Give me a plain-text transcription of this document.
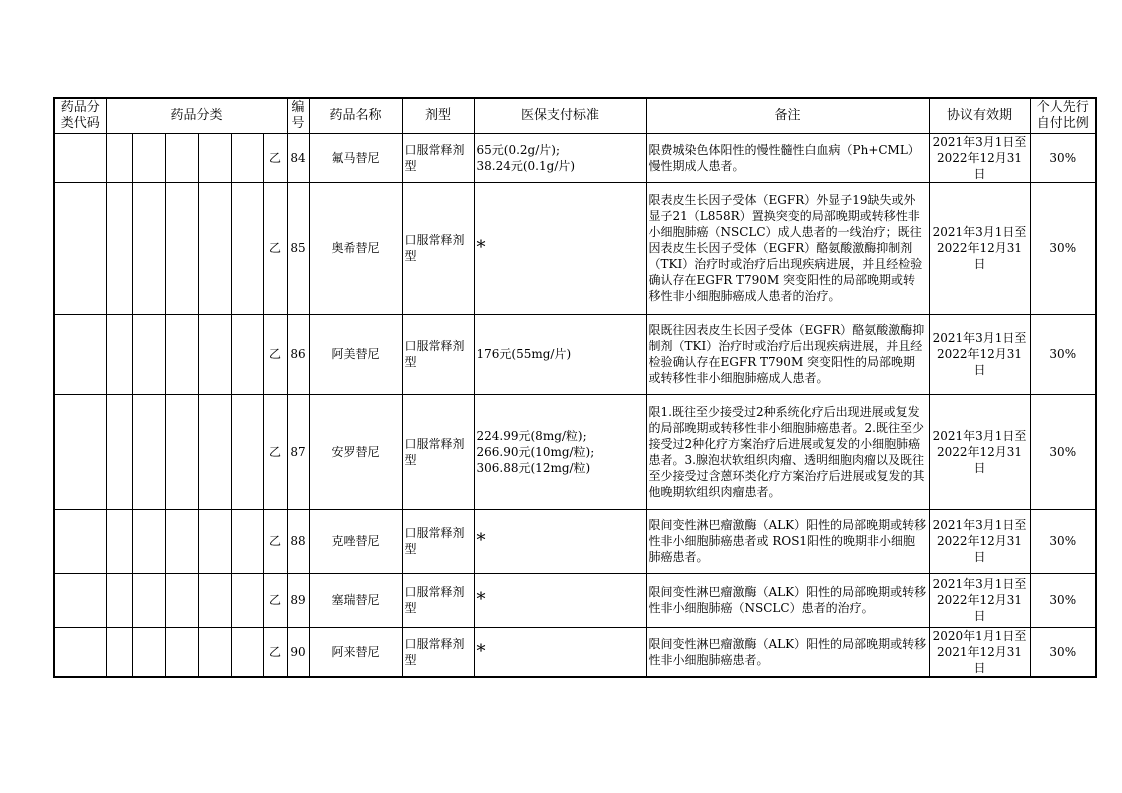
药品分
类代码	药品分类						编
号	药品名称	剂型	医保支付标准	备注	协议有效期	个人先行
自付比例

						乙	84	氟马替尼	口服常释剂型	65元(0.2g/片);
38.24元(0.1g/片)	限费城染色体阳性的慢性髓性白血病（Ph+CML）慢性期成人患者。	2021年3月1日至
2022年12月31日	30%
						乙	85	奥希替尼	口服常释剂型	*	限表皮生长因子受体（EGFR）外显子19缺失或外显子21（L858R）置换突变的局部晚期或转移性非小细胞肺癌（NSCLC）成人患者的一线治疗；既往因表皮生长因子受体（EGFR）酪氨酸激酶抑制剂（TKI）治疗时或治疗后出现疾病进展，并且经检验确认存在EGFR T790M 突变阳性的局部晚期或转移性非小细胞肺癌成人患者的治疗。	2021年3月1日至
2022年12月31日	30%
						乙	86	阿美替尼	口服常释剂型	176元(55mg/片)	限既往因表皮生长因子受体（EGFR）酪氨酸激酶抑制剂（TKI）治疗时或治疗后出现疾病进展，并且经检验确认存在EGFR T790M 突变阳性的局部晚期或转移性非小细胞肺癌成人患者。	2021年3月1日至
2022年12月31日	30%
						乙	87	安罗替尼	口服常释剂型	224.99元(8mg/粒);
266.90元(10mg/粒);
306.88元(12mg/粒)	限1.既往至少接受过2种系统化疗后出现进展或复发的局部晚期或转移性非小细胞肺癌患者。2.既往至少接受过2种化疗方案治疗后进展或复发的小细胞肺癌患者。3.腺泡状软组织肉瘤、透明细胞肉瘤以及既往至少接受过含蒽环类化疗方案治疗后进展或复发的其他晚期软组织肉瘤患者。	2021年3月1日至
2022年12月31日	30%
						乙	88	克唑替尼	口服常释剂型	*	限间变性淋巴瘤激酶（ALK）阳性的局部晚期或转移性非小细胞肺癌患者或 ROS1阳性的晚期非小细胞肺癌患者。	2021年3月1日至
2022年12月31日	30%
						乙	89	塞瑞替尼	口服常释剂型	*	限间变性淋巴瘤激酶（ALK）阳性的局部晚期或转移性非小细胞肺癌（NSCLC）患者的治疗。	2021年3月1日至
2022年12月31日	30%
						乙	90	阿来替尼	口服常释剂型	*	限间变性淋巴瘤激酶（ALK）阳性的局部晚期或转移性非小细胞肺癌患者。	2020年1月1日至
2021年12月31日	30%
